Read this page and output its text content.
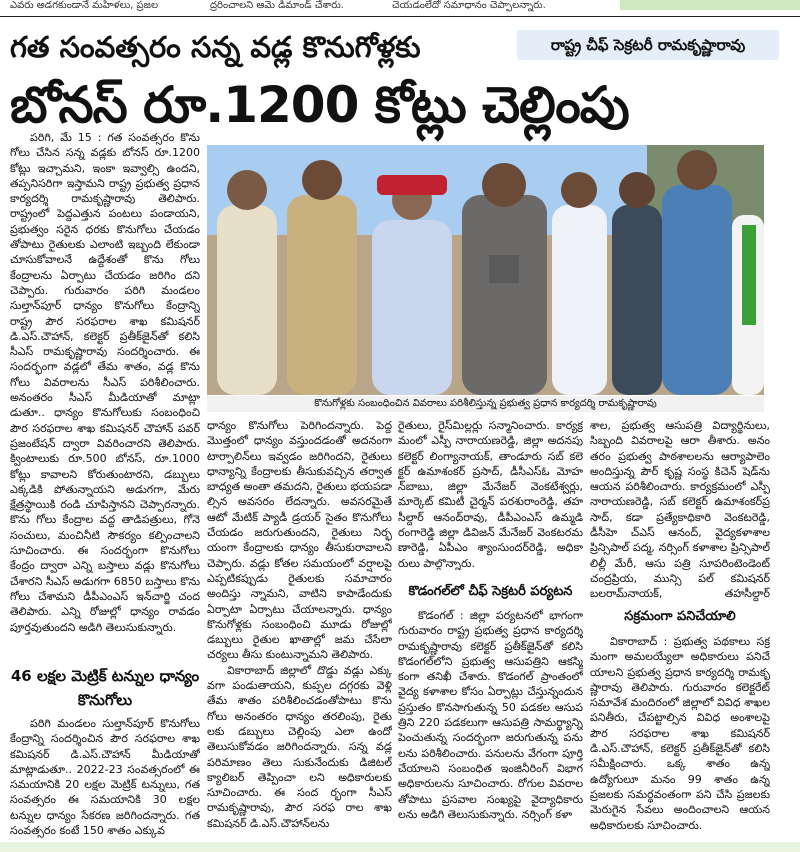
ఎవరు అడగకుండానే మహిళలు, ప్రజల	ద్రరించాలని ఆమె డిమాండ్ చేశారు.	చెయడంలేదో సమాధానం చెప్పాలన్నారు.
గత సంవత్సరం సన్న వడ్ల కొనుగోళ్లకు	రాష్ట్ర చీఫ్ సెక్రటరీ రామకృష్ణారావు
బోనస్ రూ.1200 కోట్లు చెల్లింపు
కొనుగోళ్లకు సంబంధించిన వివరాలు పరిశీలిస్తున్న ప్రభుత్వ ప్రధాన కార్యదర్శి రామకృష్ణారావు

పరిగి, మే 15 : గత సంవత్సరం కొను గోలు చేసిన సన్న వడ్లకు బోనస్ రూ.1200 కోట్లు ఇచ్చామని, ఇంకా ఇవ్వాల్సి ఉందని, తప్పనిసరిగా ఇస్తామని రాష్ట్ర ప్రభుత్వ ప్రధాన కార్యదర్శి రామకృష్ణారావు తెలిపారు. రాష్ట్రంలో పెద్దఎత్తున పంటలు పండాయని, ప్రభుత్వం సరైన ధరకు కొనుగోలు చేయడం తోపాటు రైతులకు ఎలాంటి ఇబ్బంది లేకుండా చూసుకోవాలనే ఉద్దేశంతో కొను గోలు కేంద్రాలను ఏర్పాటు చేయడం జరిగిం దని చెప్పారు. గురువారం పరిగి మండలం సుల్తాన్‌పూర్ ధాన్యం కొనుగోలు కేంద్రాన్ని రాష్ట్ర పౌర సరఫరాల శాఖ కమిషనర్ డి.ఎస్.చౌహాన్, కలెక్టర్ ప్రతీక్‌జైన్‌తో కలిసి సీఎస్ రామకృష్ణారావు సందర్శించారు. ఈ సందర్భంగా వడ్లలో తేమ శాతం, వడ్ల కొను గోలు వివరాలను సీఎస్ పరిశీలించారు. అనంతరం సీఎస్ మీడియాతో మాట్లా డుతూ.. ధాన్యం కొనుగోలుకు సంబంధించి పౌర సరఫరాల శాఖ కమిషనర్ చౌహాన్ పవర్ ప్రజంటేషన్ ద్వారా వివరించారని తెలిపారు. క్వింటాలుకు రూ.500 బోనస్, రూ.1000 కోట్లు కావాలని కోరుతుంటారని, డబ్బులు ఎక్కడికి పోతున్నాయని అడుగగా, మేరు క్షేత్రస్థాయికి రండి చూపిస్తానని చెప్పారన్నారు. కొను గోలు కేంద్రాల వద్ద తాడిపత్రులు, గోనె సంచులు, మంచినీటి సౌకర్యం కల్పించాలని సూచించారు. ఈ సందర్భంగా కొనుగోలు కేంద్రం ద్వారా ఎన్ని బస్తాలు వడ్లు కొనుగోలు చేశారని సీఎస్ అడుగగా 6850 బస్తాలు కొను గోలు చేశామని డీపీఎంఎస్ ఇన్‌చార్జి చంద తెలిపారు. ఎన్ని రోజుల్లో ధాన్యం రావడం పూర్తవుతుందని అడిగి తెలుసుకున్నారు.

46 లక్షల మెట్రిక్ టన్నుల ధాన్యం కొనుగోలు

పరిగి మండలం సుల్తాన్‌పూర్ కొనుగోలు కేంద్రాన్ని సందర్శించిన పౌర సరఫరాల శాఖ కమిషనర్ డి.ఎస్.చౌహాన్ మీడియాతో మాట్లాడుతూ.. 2022-23 సంవత్సరంలో ఈ సమయానికి 20 లక్షల మెట్రిక్ టన్నులు, గత సంవత్సరం ఈ సమయానికి 30 లక్షల టన్నుల ధాన్యం సేకరణ జరిగిందన్నారు. గత సంవత్సరం కంటే 150 శాతం ఎక్కువ

ధాన్యం కొనుగోలు పెరిగిందన్నారు. పెద్ద మొత్తంలో ధాన్యం వస్తుందడంతో అదనంగా టార్పాలిన్‌లు ఇవ్వడం జరిగిందని, రైతులు ధాన్యాన్ని కేంద్రాలకు తీసుకువచ్చిన తర్వాత బాధ్యత అంతా తమదని, రైతులు భయపడా ల్సిన అవసరం లేదన్నారు. అవసరమైతే ఆటో మేటిక్ ప్యాడీ డ్రయర్ సైతం కొనుగోలు చేయడం జరుగుతుందని, రైతులు నిర్భ యంగా కేంద్రాలకు ధాన్యం తీసుకురావాలని చెప్పారు. వడ్లు కోతల సమయంలో వర్షాలపై ఎప్పటికప్పుడు రైతులకు సమాచారం అందిస్తు న్నామని, వాటిని కాపాడేందుకు ఏర్పాటా ఏర్పాటు చేయాలన్నారు. ధాన్యం కొనుగోళ్లకు సంబంధించి మూడు రోజుల్లో డబ్బులు రైతుల ఖాతాల్లో జమ చేసేలా చర్యలు తీసు కుంటున్నామని తెలిపారు.

వికారాబాద్ జిల్లాలో దొడ్డు వడ్లు ఎక్కు వగా పండుతాయని, కుప్పల దగ్గరకు వెళ్లి తేమ శాతం పరిశీలించడంతోపాటు కొను గోలు అనంతరం ధాన్యం తరలింపు, రైతు లకు డబ్బులు చెల్లింపు ఎలా ఉందో తెలుసుకోవడం జరిగిందన్నారు. సన్న వడ్ల పరిమాణం తెలు సుకునేందుకు డిజిటల్ క్యాలిబర్ తెప్పించా లని అధికారులకు సూచించారు. ఈ సంద ర్భంగా సీఎస్ రామకృష్ణారావు, పౌర సరఫ రాల శాఖ కమిషనర్ డి.ఎస్.చౌహాన్‌లను

రైతులు, రైస్‌మిల్లర్లు సన్మానించారు. కార్యక్ర మంలో ఎస్పీ నారాయణరెడ్డి, జిల్లా అదనపు కలెక్టర్ లింగ్యానాయక్, తాండూరు సబ్ కలె క్టర్ ఉమాశంకర్ ప్రసాద్, డీసీఎస్‌ఓ మోహ న్‌బాబు, జిల్లా మేనేజర్ వెంకటేశ్వర్లు, మార్కెట్ కమిటీ చైర్మన్ పరశురాంరెడ్డి, తహ సీల్దార్ ఆనంద్‌రావు, డీపీఎంఎస్ ఉమ్మడి రంగారెడ్డి జిల్లా డివిజన్ మేనేజర్ వెంకటరమ ణారెడ్డి, ఏపీఎం శ్యాంసుందర్‌రెడ్డి, అధికా రులు పాల్గొన్నారు.

కొడంగల్‌లో చీఫ్ సెక్రటరీ పర్యటన

కొడంగల్ : జిల్లా పర్యటనలో భాగంగా గురువారం రాష్ట్ర ప్రభుత్వ ప్రధాన కార్యదర్శి రామకృష్ణారావు కలెక్టర్ ప్రతీక్‌జైన్‌తో కలిసి కొడంగల్‌లోని ప్రభుత్వ ఆసుపత్రిని ఆకస్మి కంగా తనిఖీ చేశారు. కొడంగల్ ప్రాంతంలో వైద్య కళాశాల కోసం ఏర్పాట్లు చేస్తున్నందున ప్రస్తుతం కొనసాగుతున్న 50 పడకల ఆసుప త్రిని 220 పడకలుగా ఆసుపత్రి సామర్థ్యాన్ని పెంచుతున్న సందర్భంగా జరుగుతున్న పను లను పరిశీలించారు. పనులను వేగంగా పూర్తి చేయాలని సంబంధిత ఇంజినీరింగ్ విభాగ అధికారులను సూచించారు. రోగుల వివరాల తోపాటు ప్రసవాల సంఖ్యపై వైద్యాధికారు లను అడిగి తెలుసుకున్నారు. నర్సింగ్ కళా

శాల, ప్రభుత్వ ఆసుపత్రి విద్యార్థినులు, సిబ్బంది వివరాలపై ఆరా తీశారు. అనం తరం ప్రభుత్వ పాఠశాలలను ఆర్యాపాలెం అందిస్తున్న పౌర్ కృష్ణ సంస్థ కిచెన్ షెడ్‌ను ఆయన పరిశీలించారు. కార్యక్రమంలో ఎస్పీ నారాయణరెడ్డి, సబ్ కలెక్టర్ ఉమాశంకర్‌ప్ర సాద్, కడా ప్రత్యేకాధికారి వెంకటరెడ్డి, డీసీహె చ్‌ఎస్ ఆనంద్, వైద్యకళాశాల ప్రిన్సిపాల్ పద్మ, నర్సింగ్ కళాశాల ప్రిన్సిపాల్ లిల్లీ మేరీ, ఆసు పత్రి సూపరింటెండెంట్ చంద్రప్రియ, మున్సి పల్ కమిషనర్ బలరామ్‌నాయక్, తహసీల్దార్

సక్రమంగా పనిచేయాలి

వికారాబాద్ : ప్రభుత్వ పథకాలు సక్ర మంగా అమలయ్యేలా అధికారులు పనిచే యాలని ప్రభుత్వ ప్రధాన కార్యదర్శి రామకృ ష్ణారావు తెలిపారు. గురువారం కలెక్టరేట్ సమావేశ మందిరంలో జిల్లాలో వివిధ శాఖల పనితీరు, చేపట్టాల్సిన వివిధ అంశాలపై పౌర సరఫరాల శాఖ కమిషనర్ డి.ఎస్.చౌహాన్, కలెక్టర్ ప్రతీక్‌జైన్‌తో కలిసి సమీక్షించారు. ఒక్క శాతం ఉన్న ఉద్యోగులూ మనం 99 శాతం ఉన్న ప్రజలకు సమర్థవంతంగా పని చేసి ప్రజలకు మెరుగైన సేవలు అందించాలని ఆయన అధికారులకు సూచించారు.
